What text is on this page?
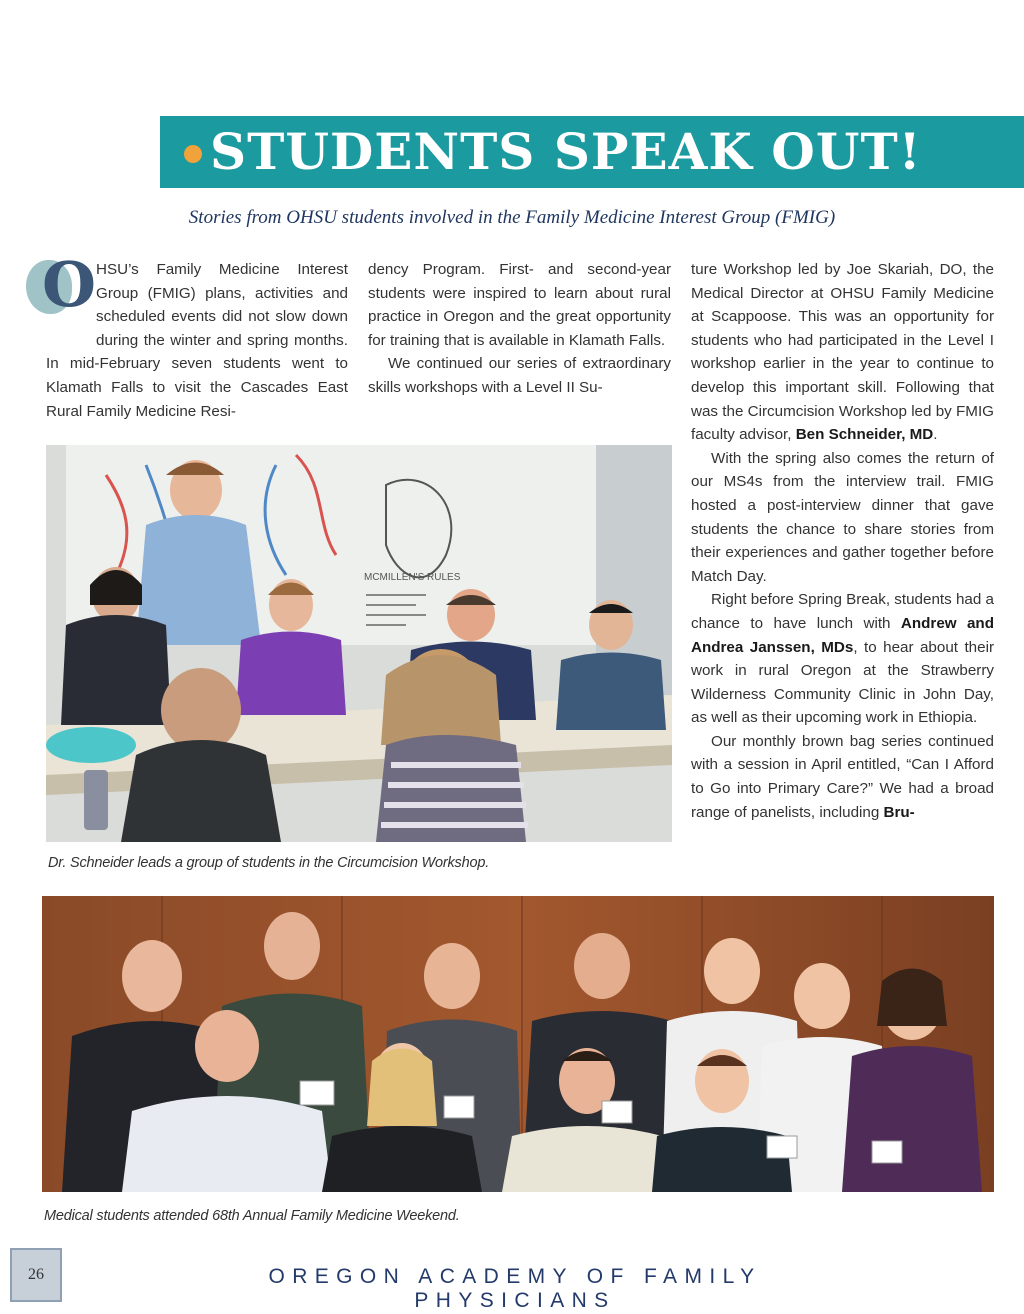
STUDENTS SPEAK OUT!
Stories from OHSU students involved in the Family Medicine Interest Group (FMIG)
O HSU’s Family Medicine Interest Group (FMIG) plans, activities and scheduled events did not slow down during the winter and spring months. In mid-February seven students went to Klamath Falls to visit the Cascades East Rural Family Medicine Resi-

dency Program. First- and second-year students were inspired to learn about rural practice in Oregon and the great opportunity for training that is available in Klamath Falls.

We continued our series of extraordinary skills workshops with a Level II Su-

ture Workshop led by Joe Skariah, DO, the Medical Director at OHSU Family Medicine at Scappoose. This was an opportunity for students who had participated in the Level I workshop earlier in the year to continue to develop this important skill. Following that was the Circumcision Workshop led by FMIG faculty advisor, Ben Schneider, MD.

With the spring also comes the return of our MS4s from the interview trail. FMIG hosted a post-interview dinner that gave students the chance to share stories from their experiences and gather together before Match Day.

Right before Spring Break, students had a chance to have lunch with Andrew and Andrea Janssen, MDs, to hear about their work in rural Oregon at the Strawberry Wilderness Community Clinic in John Day, as well as their upcoming work in Ethiopia.

Our monthly brown bag series continued with a session in April entitled, “Can I Afford to Go into Primary Care?” We had a broad range of panelists, including Bru-

MCMILLEN'S RULES
Dr. Schneider leads a group of students in the Circumcision Workshop.
Medical students attended 68th Annual Family Medicine Weekend.
26	OREGON ACADEMY OF FAMILY PHYSICIANS
